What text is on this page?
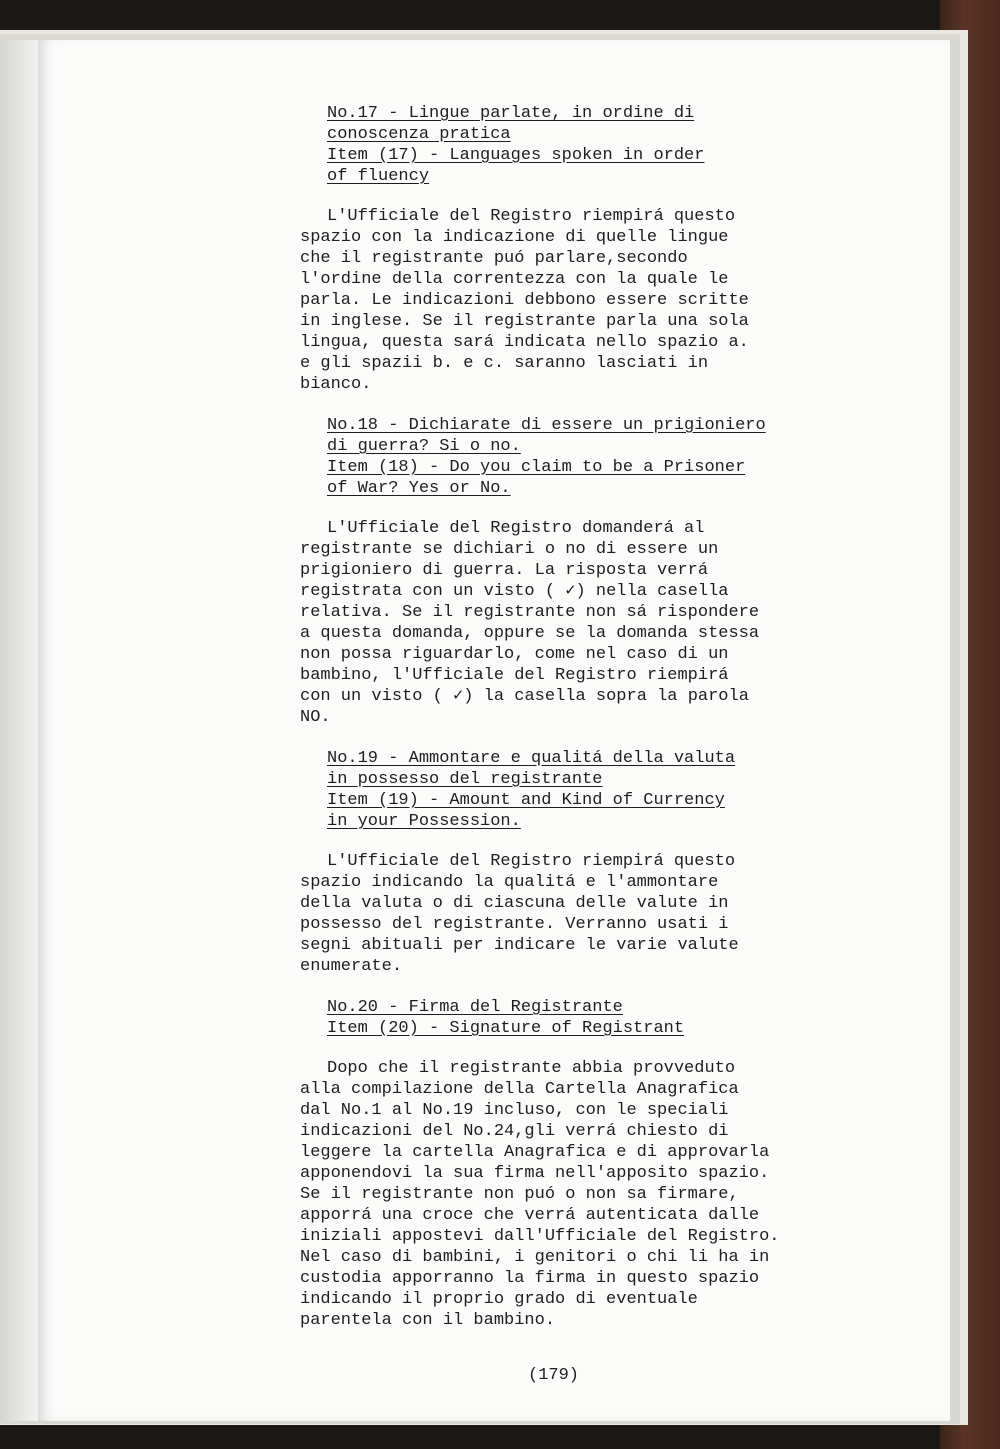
No.17 - Lingue parlate, in ordine di
conoscenza pratica
Item (17) - Languages spoken in order
of fluency
L'Ufficiale del Registro riempirá questo
spazio con la indicazione di quelle lingue
che il registrante puó parlare,secondo
l'ordine della correntezza con la quale le
parla. Le indicazioni debbono essere scritte
in inglese. Se il registrante parla una sola
lingua, questa sará indicata nello spazio a.
e gli spazii b. e c. saranno lasciati in
bianco.
No.18 - Dichiarate di essere un prigioniero
di guerra? Si o no.
Item (18) - Do you claim to be a Prisoner
of War? Yes or No.
L'Ufficiale del Registro domanderá al
registrante se dichiari o no di essere un
prigioniero di guerra. La risposta verrá
registrata con un visto ( ✓) nella casella
relativa. Se il registrante non sá rispondere
a questa domanda, oppure se la domanda stessa
non possa riguardarlo, come nel caso di un
bambino, l'Ufficiale del Registro riempirá
con un visto ( ✓) la casella sopra la parola
NO.
No.19 - Ammontare e qualitá della valuta
in possesso del registrante
Item (19) - Amount and Kind of Currency
in your Possession.
L'Ufficiale del Registro riempirá questo
spazio indicando la qualitá e l'ammontare
della valuta o di ciascuna delle valute in
possesso del registrante. Verranno usati i
segni abituali per indicare le varie valute
enumerate.
No.20 - Firma del Registrante
Item (20) - Signature of Registrant
Dopo che il registrante abbia provveduto
alla compilazione della Cartella Anagrafica
dal No.1 al No.19 incluso, con le speciali
indicazioni del No.24,gli verrá chiesto di
leggere la cartella Anagrafica e di approvarla
apponendovi la sua firma nell'apposito spazio.
Se il registrante non puó o non sa firmare,
apporrá una croce che verrá autenticata dalle
iniziali appostevi dall'Ufficiale del Registro.
Nel caso di bambini, i genitori o chi li ha in
custodia apporranno la firma in questo spazio
indicando il proprio grado di eventuale
parentela con il bambino.
(179)
